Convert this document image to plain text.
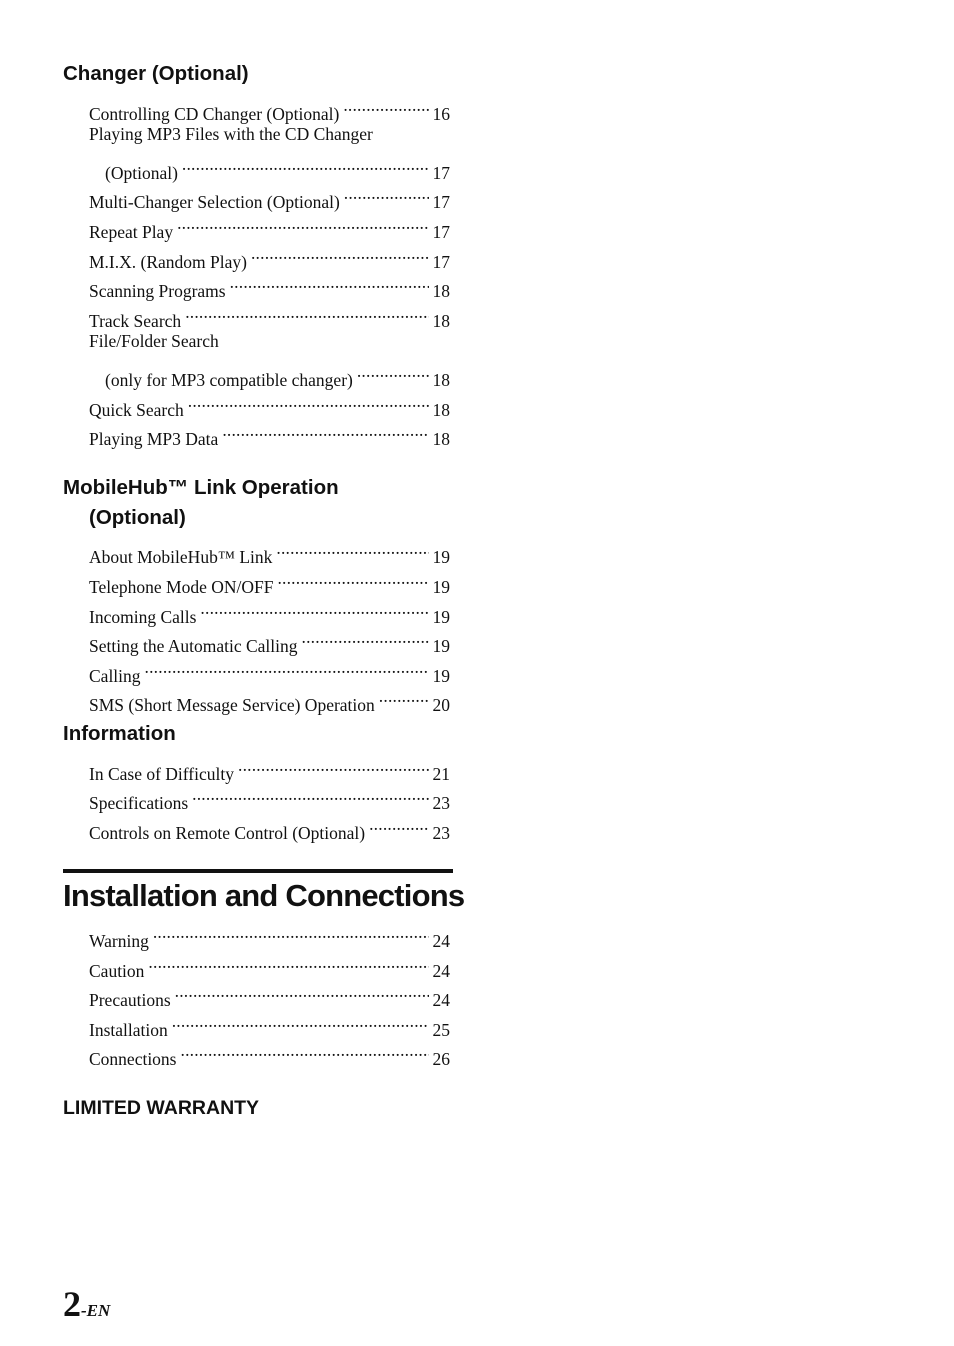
Changer (Optional)
Controlling CD Changer (Optional) .....	16
Playing MP3 Files with the CD Changer
(Optional) .....	17
Multi-Changer Selection (Optional) .....	17
Repeat Play .....	17
M.I.X. (Random Play) .....	17
Scanning Programs .....	18
Track Search .....	18
File/Folder Search
(only for MP3 compatible changer) .....	18
Quick Search .....	18
Playing MP3 Data .....	18
MobileHub™ Link Operation
(Optional)
About MobileHub™ Link .....	19
Telephone Mode ON/OFF .....	19
Incoming Calls .....	19
Setting the Automatic Calling .....	19
Calling .....	19
SMS (Short Message Service) Operation .....	20
Information
In Case of Difficulty .....	21
Specifications .....	23
Controls on Remote Control (Optional) .....	23
Installation and Connections
Warning .....	24
Caution .....	24
Precautions .....	24
Installation .....	25
Connections .....	26
LIMITED WARRANTY
2-EN
